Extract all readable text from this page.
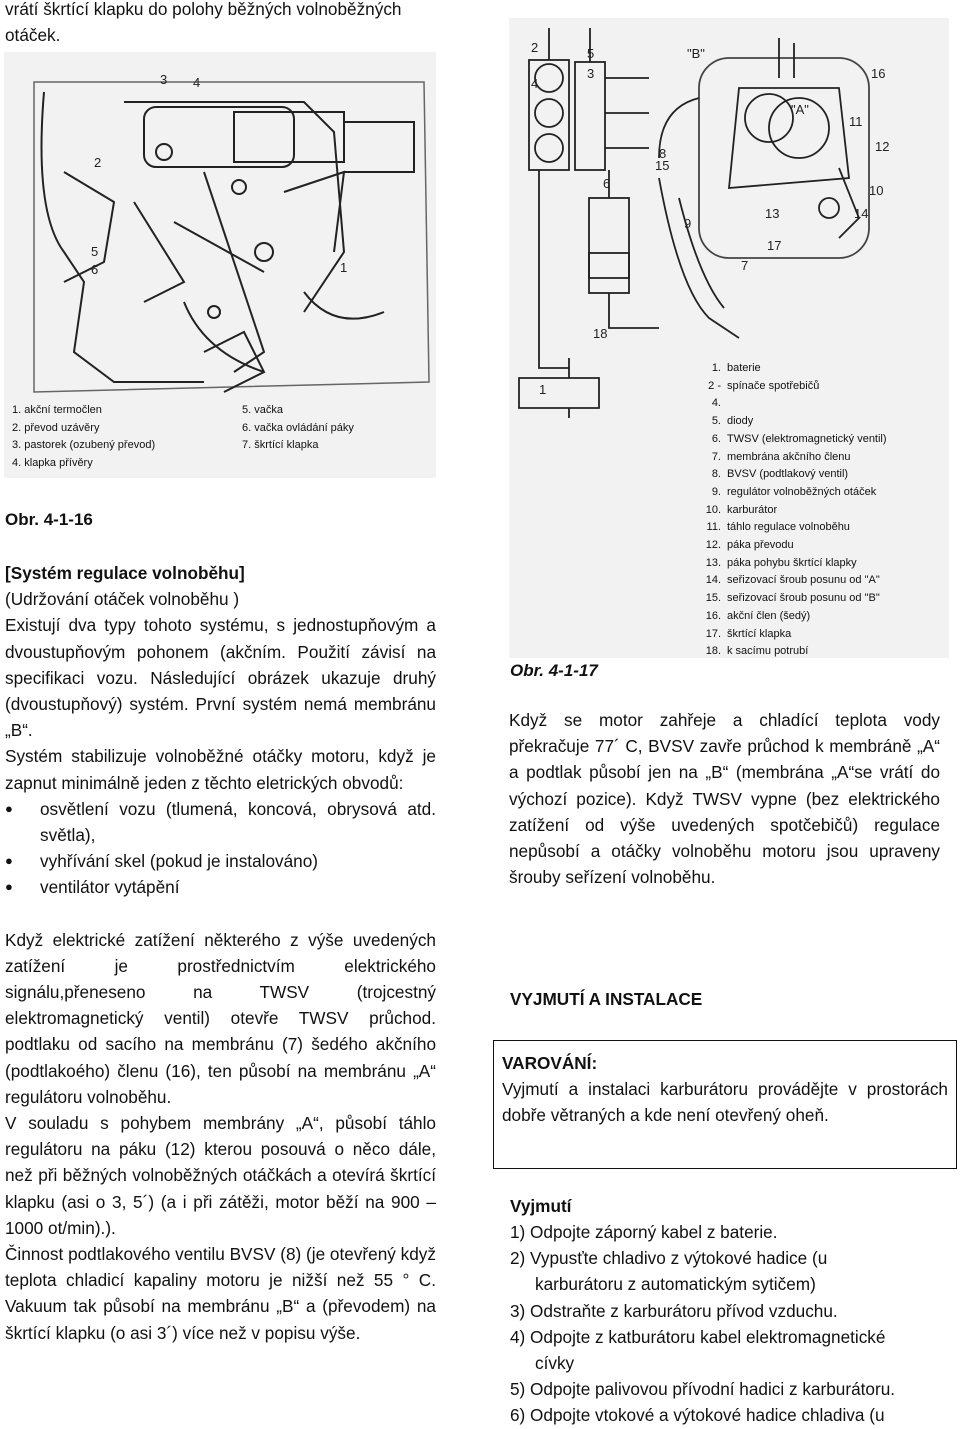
vrátí škrtící klapku do polohy běžných volnoběžných otáček.
3 4
2
5
6	1
1.
akční termočlen
2.
převod uzávěry
3.
pastorek (ozubený převod)
4.
klapka přívěry
5.
vačka
6.
vačka ovládání páky
7.
škrtící klapka
Obr. 4-1-16

[Systém regulace volnoběhu]

(Udržování otáček volnoběhu )

Existují dva typy tohoto systému, s jednostupňovým a dvoustupňovým pohonem (akčním. Použití závisí na specifikaci vozu. Následující obrázek ukazuje druhý (dvoustupňový) systém. První systém nemá membránu „B“.

Systém stabilizuje volnoběžné otáčky motoru, když je zapnut minimálně jeden z těchto eletrických obvodů:

● osvětlení vozu (tlumená, koncová, obrysová atd. světla),
● vyhřívání skel (pokud je instalováno)
● ventilátor vytápění

Když elektrické zatížení některého z výše uvedených zatížení je prostřednictvím elektrického signálu,přeneseno na TWSV (trojcestný elektromagnetický ventil) otevře TWSV průchod. podtlaku od sacího na membránu (7) šedého akčního (podtlakoého) členu (16), ten působí na membránu „A“ regulátoru volnoběhu.

V souladu s pohybem membrány „A“, působí táhlo regulátoru na páku (12) kterou posouvá o něco dále, než při běžných volnoběžných otáčkách a otevírá škrtící klapku (asi o 3, 5´) (a i při zátěži, motor běží na 900 – 1000 ot/min).).

Činnost podtlakového ventilu BVSV (8) (je otevřený když teplota chladicí kapaliny motoru je nižší než 55 ° C. Vakuum tak působí na membránu „B“ a (převodem) na škrtící klapku (o asi 3´) více než v popisu výše.

2	5
3
4
"B"
"A"
11
12
15
10
13
6
14
17
18
7
1
8
9
16
1. baterie
2 - 4.
spínače spotřebičů
5. diody
6. TWSV (elektromagnetický ventil)
7. membrána akčního členu
8. BVSV (podtlakový ventil)
9. regulátor volnoběžných otáček
10. karburátor
11. táhlo regulace volnoběhu
12. páka převodu
13. páka pohybu škrtící klapky
14. seřizovací šroub posunu od "A"
15. seřizovací šroub posunu od "B"
16. akční člen (šedý)
17. škrtící klapka
18. k sacímu potrubí
Obr. 4-1-17
Když se motor zahřeje a chladící teplota vody překračuje 77´ C, BVSV zavře průchod k membráně „A“ a podtlak působí jen na „B“ (membrána „A“se vrátí do výchozí pozice). Když TWSV vypne (bez elektrického zatížení od výše uvedených spotčebičů) regulace nepůsobí a otáčky volnoběhu motoru jsou upraveny šrouby seřízení volnoběhu.
VYJMUTÍ A INSTALACE

VAROVÁNÍ:

Vyjmutí a instalaci karburátoru provádějte v prostorách dobře větraných a kde není otevřený oheň.

Vyjmutí
1) Odpojte záporný kabel z baterie.
2) Vypusťte chladivo z výtokové hadice (u
karburátoru z automatickým sytičem)
3) Odstraňte z karburátoru přívod vzduchu.
4) Odpojte z katburátoru kabel elektromagnetické
cívky
5) Odpojte palivovou přívodní hadici z karburátoru.
6) Odpojte vtokové a výtokové hadice chladiva (u
